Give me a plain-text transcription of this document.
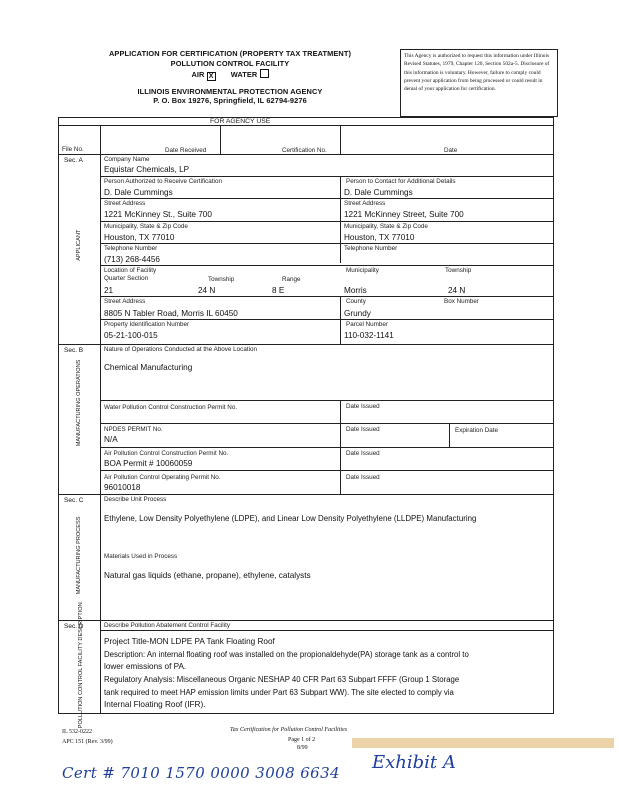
APPLICATION FOR CERTIFICATION (PROPERTY TAX TREATMENT)
POLLUTION CONTROL FACILITY
AIR X WATER
ILLINOIS ENVIRONMENTAL PROTECTION AGENCY
P. O. Box 19276, Springfield, IL 62794-9276
This Agency is authorized to request this information under Illinois Revised Statutes, 1979, Chapter 120, Section 502a-5. Disclosure of this information is voluntary. However, failure to comply could prevent your application from being processed or could result in denial of your application for certification.
FOR AGENCY USE
File No.	Date Received	Certification No.	Date
Sec. A
APPLICANT
Company Name
Equistar Chemicals, LP
Person Authorized to Receive Certification	Person to Contact for Additional Details
D. Dale Cummings	D. Dale Cummings
Street Address	Street Address
1221 McKinney St., Suite 700	1221 McKinney Street, Suite 700
Municipality, State & Zip Code	Municipality, State & Zip Code
Houston, TX 77010	Houston, TX 77010
Telephone Number	Telephone Number
(713) 268-4456
Location of Facility
Quarter Section	Township	Range
Municipality	Township
21	24 N	8 E	Morris	24 N
Street Address	County	Box Number
8805 N Tabler Road, Morris IL 60450	Grundy
Property Identification Number	Parcel Number
05-21-100-015	110-032-1141
Sec. B
MANUFACTURING OPERATIONS
Nature of Operations Conducted at the Above Location
Chemical Manufacturing
Water Pollution Control Construction Permit No.	Date Issued
NPDES PERMIT No.
N/A
Date Issued	Expiration Date
Air Pollution Control Construction Permit No.
BOA Permit # 10060059
Date Issued
Air Pollution Control Operating Permit No.
96010018
Date Issued
Sec. C
MANUFACTURING PROCESS
Describe Unit Process
Ethylene, Low Density Polyethylene (LDPE), and Linear Low Density Polyethylene (LLDPE) Manufacturing
Materials Used in Process
Natural gas liquids (ethane, propane), ethylene, catalysts
Sec. D
POLLUTION CONTROL FACILITY DESCRIPTION	Describe Pollution Abatement Control Facility
Project Title-MON LDPE PA Tank Floating Roof
Description: An internal floating roof was installed on the propionaldehyde(PA) storage tank as a control to
lower emissions of PA.
Regulatory Analysis: Miscellaneous Organic NESHAP 40 CFR Part 63 Subpart FFFF (Group 1 Storage
tank required to meet HAP emission limits under Part 63 Subpart WW). The site elected to comply via
Internal Floating Roof (IFR).
IL 532-0222
APC 151 (Rev. 3/99)
Tax Certification for Pollution Control Facilities
Page 1 of 2
8/99
Cert # 7010 1570 0000 3008 6634 Exhibit A
